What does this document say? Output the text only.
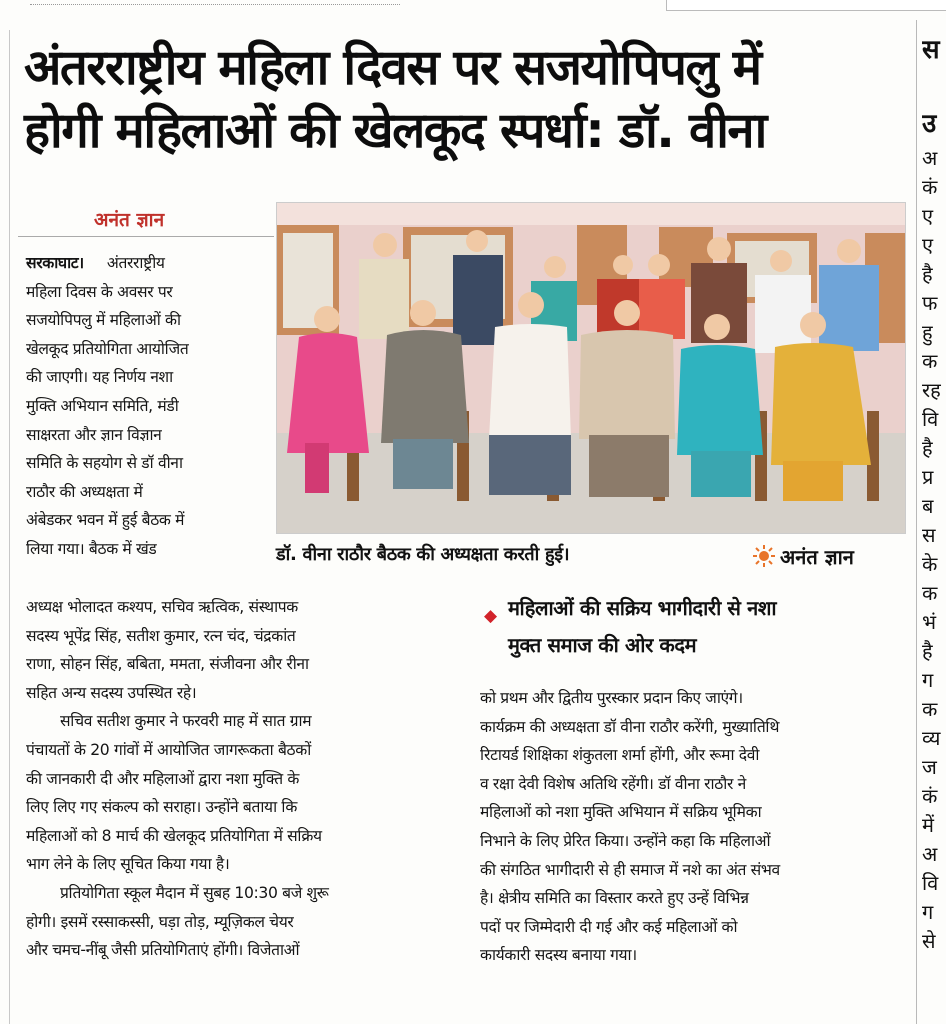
अंतरराष्ट्रीय महिला दिवस पर सजयोपिपलु में
होगी महिलाओं की खेलकूद स्पर्धा: डॉ. वीना
अनंत ज्ञान
डॉ. वीना राठौर बैठक की अध्यक्षता करती हुई।	अनंत ज्ञान
◆ महिलाओं की सक्रिय भागीदारी से नशा
मुक्त समाज की ओर कदम

सरकाघाट। अंतरराष्ट्रीय

महिला दिवस के अवसर पर

सजयोपिपलु में महिलाओं की

खेलकूद प्रतियोगिता आयोजित

की जाएगी। यह निर्णय नशा

मुक्ति अभियान समिति, मंडी

साक्षरता और ज्ञान विज्ञान

समिति के सहयोग से डॉ वीना

राठौर की अध्यक्षता में

अंबेडकर भवन में हुई बैठक में

लिया गया। बैठक में खंड

अध्यक्ष भोलादत कश्यप, सचिव ऋत्विक, संस्थापक

सदस्य भूपेंद्र सिंह, सतीश कुमार, रत्न चंद, चंद्रकांत

राणा, सोहन सिंह, बबिता, ममता, संजीवना और रीना

सहित अन्य सदस्य उपस्थित रहे।

सचिव सतीश कुमार ने फरवरी माह में सात ग्राम

पंचायतों के 20 गांवों में आयोजित जागरूकता बैठकों

की जानकारी दी और महिलाओं द्वारा नशा मुक्ति के

लिए लिए गए संकल्प को सराहा। उन्होंने बताया कि

महिलाओं को 8 मार्च की खेलकूद प्रतियोगिता में सक्रिय

भाग लेने के लिए सूचित किया गया है।

प्रतियोगिता स्कूल मैदान में सुबह 10:30 बजे शुरू

होगी। इसमें रस्साकस्सी, घड़ा तोड़, म्यूज़िकल चेयर

और चमच-नींबू जैसी प्रतियोगिताएं होंगी। विजेताओं

को प्रथम और द्वितीय पुरस्कार प्रदान किए जाएंगे।

कार्यक्रम की अध्यक्षता डॉ वीना राठौर करेंगी, मुख्यातिथि

रिटायर्ड शिक्षिका शंकुतला शर्मा होंगी, और रूमा देवी

व रक्षा देवी विशेष अतिथि रहेंगी। डॉ वीना राठौर ने

महिलाओं को नशा मुक्ति अभियान में सक्रिय भूमिका

निभाने के लिए प्रेरित किया। उन्होंने कहा कि महिलाओं

की संगठित भागीदारी से ही समाज में नशे का अंत संभव

है। क्षेत्रीय समिति का विस्तार करते हुए उन्हें विभिन्न

पदों पर जिम्मेदारी दी गई और कई महिलाओं को

कार्यकारी सदस्य बनाया गया।

स

उ

अ

कं

ए

ए

है

फ

हु

क

रह

वि

है

प्र

ब

स

के

क

भं

है

ग

क

व्य

ज

कं

में

अ

वि

ग

से
